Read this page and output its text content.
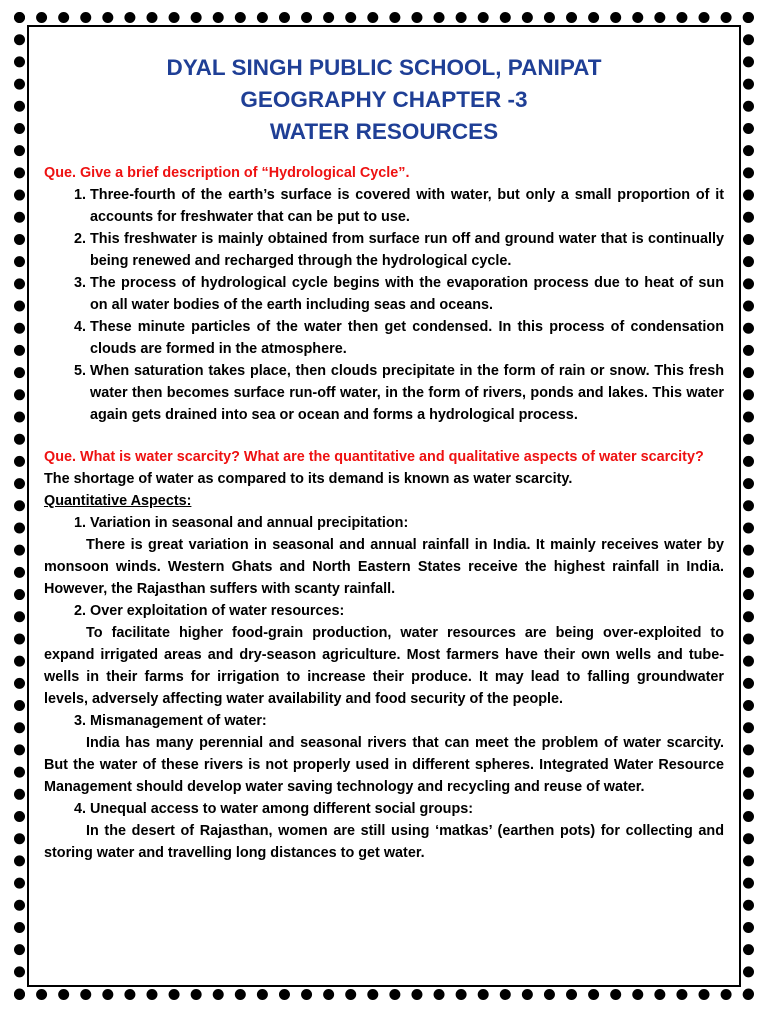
DYAL SINGH PUBLIC SCHOOL, PANIPAT
GEOGRAPHY CHAPTER -3
WATER RESOURCES
Que. Give a brief description of “Hydrological Cycle”.
1. Three-fourth of the earth’s surface is covered with water, but only a small proportion of it accounts for freshwater that can be put to use.
2. This freshwater is mainly obtained from surface run off and ground water that is continually being renewed and recharged through the hydrological cycle.
3. The process of hydrological cycle begins with the evaporation process due to heat of sun on all water bodies of the earth including seas and oceans.
4. These minute particles of the water then get condensed. In this process of condensation clouds are formed in the atmosphere.
5. When saturation takes place, then clouds precipitate in the form of rain or snow. This fresh water then becomes surface run-off water, in the form of rivers, ponds and lakes. This water again gets drained into sea or ocean and forms a hydrological process.
Que. What is water scarcity? What are the quantitative and qualitative aspects of water scarcity?

The shortage of water as compared to its demand is known as water scarcity.

Quantitative Aspects:

1. Variation in seasonal and annual precipitation:

There is great variation in seasonal and annual rainfall in India. It mainly receives water by monsoon winds. Western Ghats and North Eastern States receive the highest rainfall in India. However, the Rajasthan suffers with scanty rainfall.

2. Over exploitation of water resources:

To facilitate higher food-grain production, water resources are being over-exploited to expand irrigated areas and dry-season agriculture. Most farmers have their own wells and tube-wells in their farms for irrigation to increase their produce. It may lead to falling groundwater levels, adversely affecting water availability and food security of the people.

3. Mismanagement of water:

India has many perennial and seasonal rivers that can meet the problem of water scarcity. But the water of these rivers is not properly used in different spheres. Integrated Water Resource Management should develop water saving technology and recycling and reuse of water.

4. Unequal access to water among different social groups:

In the desert of Rajasthan, women are still using ‘matkas’ (earthen pots) for collecting and storing water and travelling long distances to get water.
